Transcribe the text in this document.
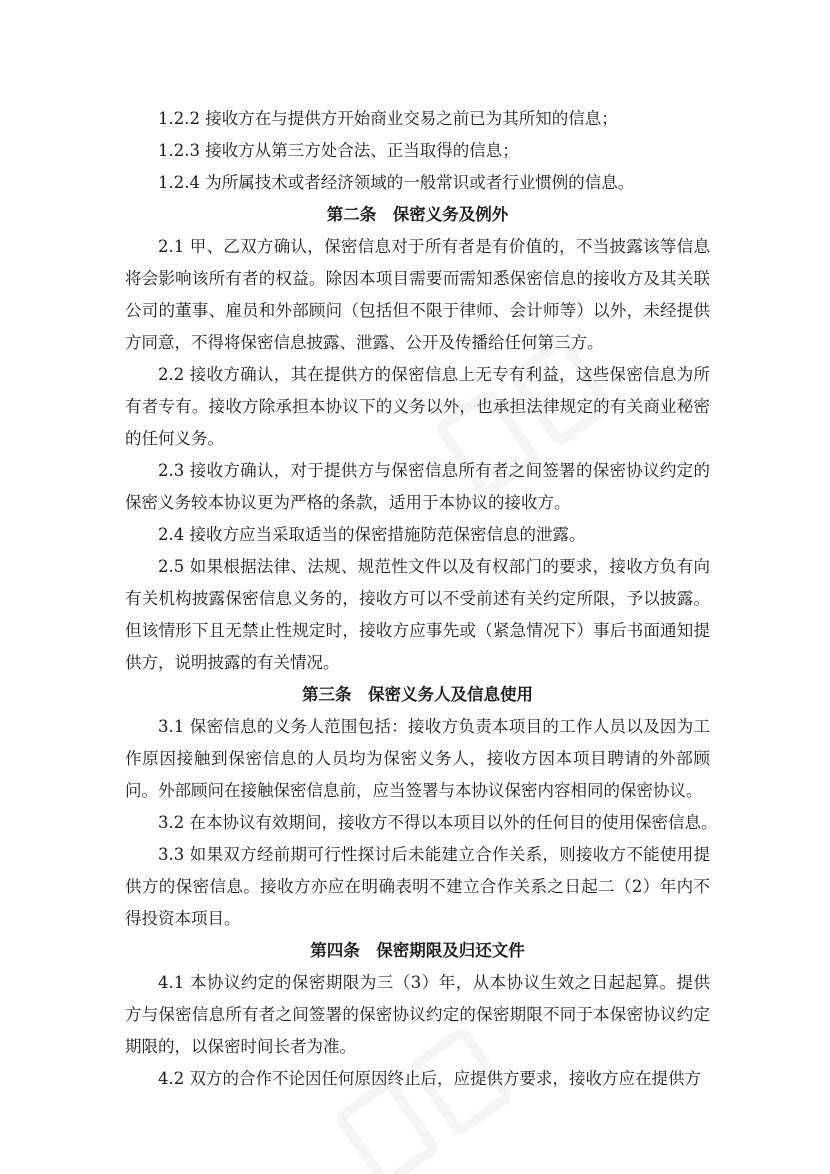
1.2.2 接收方在与提供方开始商业交易之前已为其所知的信息；

1.2.3 接收方从第三方处合法、正当取得的信息；

1.2.4 为所属技术或者经济领域的一般常识或者行业惯例的信息。

第二条　保密义务及例外

2.1 甲、乙双方确认，保密信息对于所有者是有价值的，不当披露该等信息将会影响该所有者的权益。除因本项目需要而需知悉保密信息的接收方及其关联公司的董事、雇员和外部顾问（包括但不限于律师、会计师等）以外，未经提供方同意，不得将保密信息披露、泄露、公开及传播给任何第三方。

2.2 接收方确认，其在提供方的保密信息上无专有利益，这些保密信息为所有者专有。接收方除承担本协议下的义务以外，也承担法律规定的有关商业秘密的任何义务。

2.3 接收方确认，对于提供方与保密信息所有者之间签署的保密协议约定的保密义务较本协议更为严格的条款，适用于本协议的接收方。

2.4 接收方应当采取适当的保密措施防范保密信息的泄露。

2.5 如果根据法律、法规、规范性文件以及有权部门的要求，接收方负有向有关机构披露保密信息义务的，接收方可以不受前述有关约定所限，予以披露。但该情形下且无禁止性规定时，接收方应事先或（紧急情况下）事后书面通知提供方，说明披露的有关情况。

第三条　保密义务人及信息使用

3.1 保密信息的义务人范围包括：接收方负责本项目的工作人员以及因为工作原因接触到保密信息的人员均为保密义务人，接收方因本项目聘请的外部顾问。外部顾问在接触保密信息前，应当签署与本协议保密内容相同的保密协议。

3.2 在本协议有效期间，接收方不得以本项目以外的任何目的使用保密信息。

3.3 如果双方经前期可行性探讨后未能建立合作关系，则接收方不能使用提供方的保密信息。接收方亦应在明确表明不建立合作关系之日起二（2）年内不得投资本项目。

第四条　保密期限及归还文件

4.1 本协议约定的保密期限为三（3）年，从本协议生效之日起起算。提供方与保密信息所有者之间签署的保密协议约定的保密期限不同于本保密协议约定期限的，以保密时间长者为准。

4.2 双方的合作不论因任何原因终止后，应提供方要求，接收方应在提供方
